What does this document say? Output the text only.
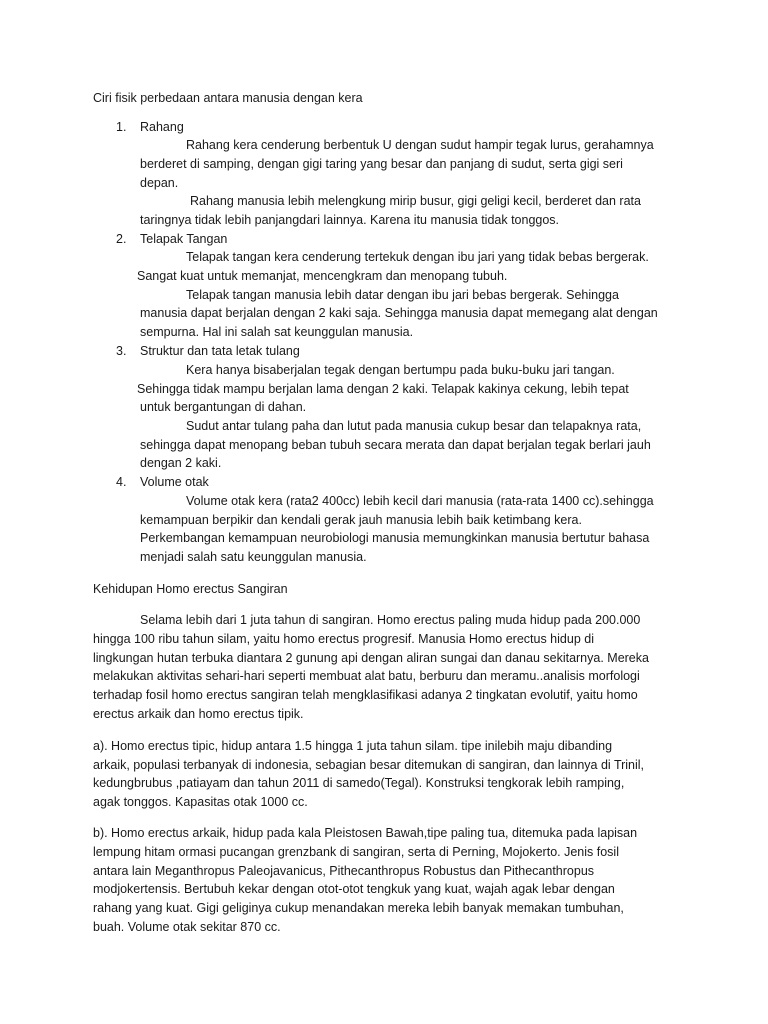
Ciri fisik perbedaan antara manusia dengan kera
1. Rahang
Rahang kera cenderung berbentuk U dengan sudut hampir tegak lurus, gerahamnya
berderet di samping, dengan gigi taring yang besar dan panjang di sudut, serta gigi seri
depan.
Rahang manusia lebih melengkung mirip busur, gigi geligi kecil, berderet dan rata
taringnya tidak lebih panjangdari lainnya. Karena itu manusia tidak tonggos.
2. Telapak Tangan
Telapak tangan kera cenderung tertekuk dengan ibu jari yang tidak bebas bergerak.
Sangat kuat untuk memanjat, mencengkram dan menopang tubuh.
Telapak tangan manusia lebih datar dengan ibu jari bebas bergerak. Sehingga
manusia dapat berjalan dengan 2 kaki saja. Sehingga manusia dapat memegang alat dengan
sempurna. Hal ini salah sat keunggulan manusia.
3. Struktur dan tata letak tulang
Kera hanya bisaberjalan tegak dengan bertumpu pada buku-buku jari tangan.
Sehingga tidak mampu berjalan lama dengan 2 kaki. Telapak kakinya cekung, lebih tepat
untuk bergantungan di dahan.
Sudut antar tulang paha dan lutut pada manusia cukup besar dan telapaknya rata,
sehingga dapat menopang beban tubuh secara merata dan dapat berjalan tegak berlari jauh
dengan 2 kaki.
4. Volume otak
Volume otak kera (rata2 400cc) lebih kecil dari manusia (rata-rata 1400 cc).sehingga
kemampuan berpikir dan kendali gerak jauh manusia lebih baik ketimbang kera.
Perkembangan kemampuan neurobiologi manusia memungkinkan manusia bertutur bahasa
menjadi salah satu keunggulan manusia.
Kehidupan Homo erectus Sangiran
Selama lebih dari 1 juta tahun di sangiran. Homo erectus paling muda hidup pada 200.000
hingga 100 ribu tahun silam, yaitu homo erectus progresif. Manusia Homo erectus hidup di
lingkungan hutan terbuka diantara 2 gunung api dengan aliran sungai dan danau sekitarnya. Mereka
melakukan aktivitas sehari-hari seperti membuat alat batu, berburu dan meramu..analisis morfologi
terhadap fosil homo erectus sangiran telah mengklasifikasi adanya 2 tingkatan evolutif, yaitu homo
erectus arkaik dan homo erectus tipik.
a). Homo erectus tipic, hidup antara 1.5 hingga 1 juta tahun silam. tipe inilebih maju dibanding
arkaik, populasi terbanyak di indonesia, sebagian besar ditemukan di sangiran, dan lainnya di Trinil,
kedungbrubus ,patiayam dan tahun 2011 di samedo(Tegal). Konstruksi tengkorak lebih ramping,
agak tonggos. Kapasitas otak 1000 cc.
b). Homo erectus arkaik, hidup pada kala Pleistosen Bawah,tipe paling tua, ditemuka pada lapisan
lempung hitam ormasi pucangan grenzbank di sangiran, serta di Perning, Mojokerto. Jenis fosil
antara lain Meganthropus Paleojavanicus, Pithecanthropus Robustus dan Pithecanthropus
modjokertensis. Bertubuh kekar dengan otot-otot tengkuk yang kuat, wajah agak lebar dengan
rahang yang kuat. Gigi geliginya cukup menandakan mereka lebih banyak memakan tumbuhan,
buah. Volume otak sekitar 870 cc.
